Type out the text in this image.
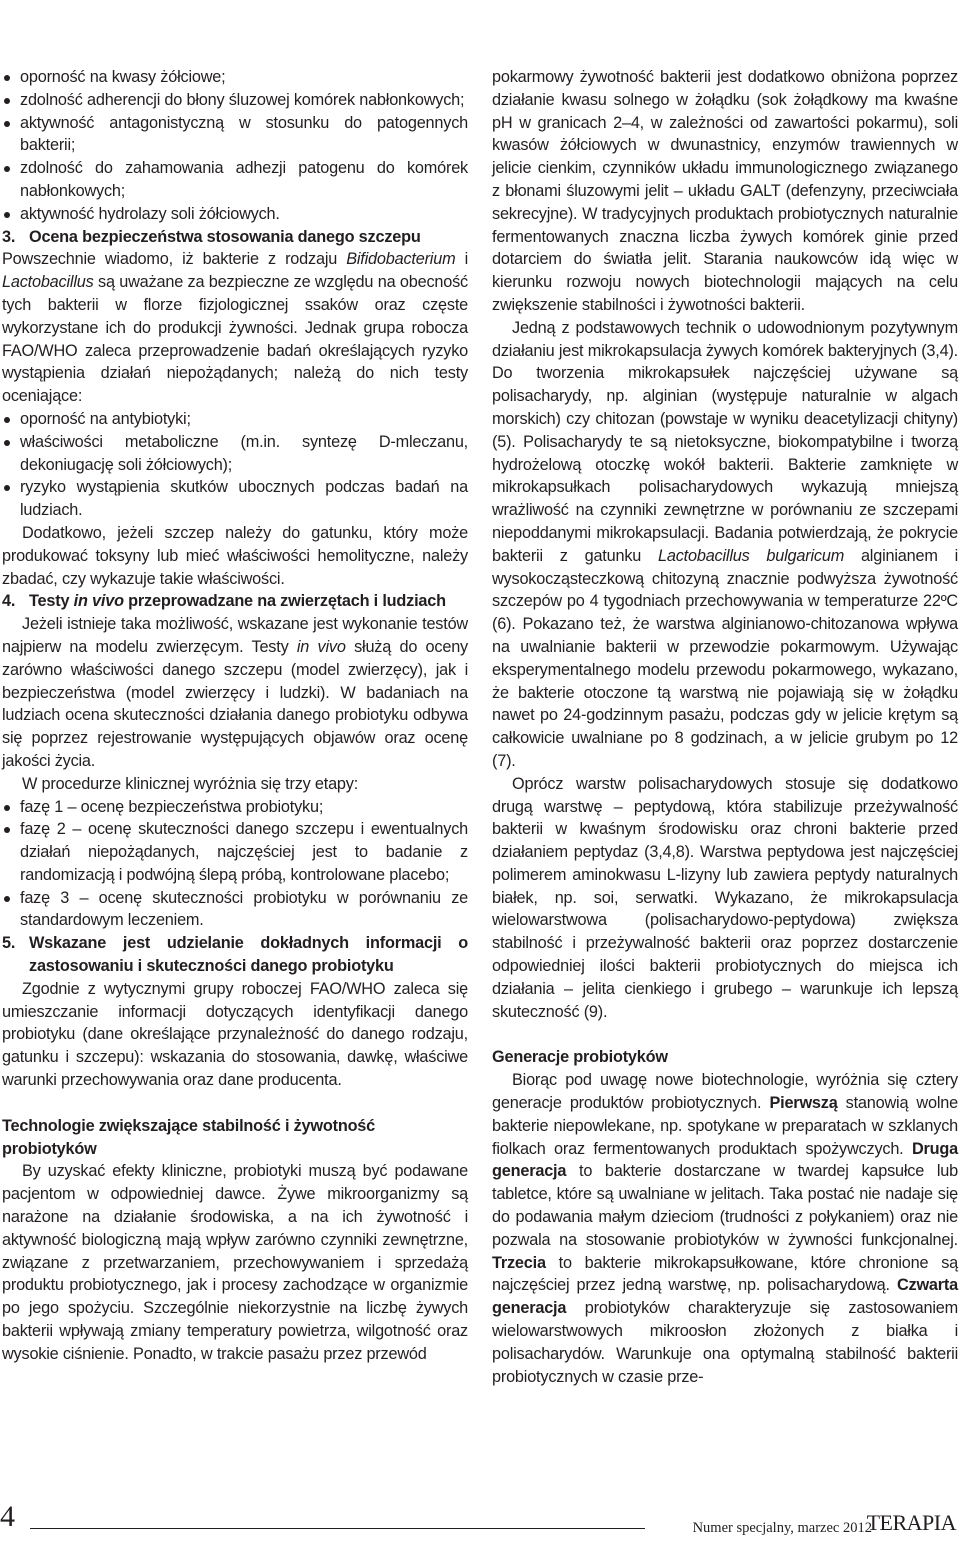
oporność na kwasy żółciowe;

zdolność adherencji do błony śluzowej komórek nabłonkowych;

aktywność antagonistyczną w stosunku do patogennych bakterii;

zdolność do zahamowania adhezji patogenu do komórek nabłonkowych;

aktywność hydrolazy soli żółciowych.

3. Ocena bezpieczeństwa stosowania danego szczepu

Powszechnie wiadomo, iż bakterie z rodzaju Bifidobacterium i Lactobacillus są uważane za bezpieczne ze względu na obecność tych bakterii w florze fizjologicznej ssaków oraz częste wykorzystane ich do produkcji żywności. Jednak grupa robocza FAO/WHO zaleca przeprowadzenie badań określających ryzyko wystąpienia działań niepożądanych; należą do nich testy oceniające:

oporność na antybiotyki;

właściwości metaboliczne (m.in. syntezę D-mleczanu, dekoniugację soli żółciowych);

ryzyko wystąpienia skutków ubocznych podczas badań na ludziach.

Dodatkowo, jeżeli szczep należy do gatunku, który może produkować toksyny lub mieć właściwości hemolityczne, należy zbadać, czy wykazuje takie właściwości.

4. Testy in vivo przeprowadzane na zwierzętach i ludziach

Jeżeli istnieje taka możliwość, wskazane jest wykonanie testów najpierw na modelu zwierzęcym. Testy in vivo służą do oceny zarówno właściwości danego szczepu (model zwierzęcy), jak i bezpieczeństwa (model zwierzęcy i ludzki). W badaniach na ludziach ocena skuteczności działania danego probiotyku odbywa się poprzez rejestrowanie występujących objawów oraz ocenę jakości życia.

W procedurze klinicznej wyróżnia się trzy etapy:

fazę 1 – ocenę bezpieczeństwa probiotyku;

fazę 2 – ocenę skuteczności danego szczepu i ewentualnych działań niepożądanych, najczęściej jest to badanie z randomizacją i podwójną ślepą próbą, kontrolowane placebo;

fazę 3 – ocenę skuteczności probiotyku w porównaniu ze standardowym leczeniem.

5. Wskazane jest udzielanie dokładnych informacji o zastosowaniu i skuteczności danego probiotyku

Zgodnie z wytycznymi grupy roboczej FAO/WHO zaleca się umieszczanie informacji dotyczących identyfikacji danego probiotyku (dane określające przynależność do danego rodzaju, gatunku i szczepu): wskazania do stosowania, dawkę, właściwe warunki przechowywania oraz dane producenta.

Technologie zwiększające stabilność i żywotność probiotyków

By uzyskać efekty kliniczne, probiotyki muszą być podawane pacjentom w odpowiedniej dawce. Żywe mikroorganizmy są narażone na działanie środowiska, a na ich żywotność i aktywność biologiczną mają wpływ zarówno czynniki zewnętrzne, związane z przetwarzaniem, przechowywaniem i sprzedażą produktu probiotycznego, jak i procesy zachodzące w organizmie po jego spożyciu. Szczególnie niekorzystnie na liczbę żywych bakterii wpływają zmiany temperatury powietrza, wilgotność oraz wysokie ciśnienie. Ponadto, w trakcie pasażu przez przewód

pokarmowy żywotność bakterii jest dodatkowo obniżona poprzez działanie kwasu solnego w żołądku (sok żołądkowy ma kwaśne pH w granicach 2–4, w zależności od zawartości pokarmu), soli kwasów żółciowych w dwunastnicy, enzymów trawiennych w jelicie cienkim, czynników układu immunologicznego związanego z błonami śluzowymi jelit – układu GALT (defenzyny, przeciwciała sekrecyjne). W tradycyjnych produktach probiotycznych naturalnie fermentowanych znaczna liczba żywych komórek ginie przed dotarciem do światła jelit. Starania naukowców idą więc w kierunku rozwoju nowych biotechnologii mających na celu zwiększenie stabilności i żywotności bakterii.

Jedną z podstawowych technik o udowodnionym pozytywnym działaniu jest mikrokapsulacja żywych komórek bakteryjnych (3,4). Do tworzenia mikrokapsułek najczęściej używane są polisacharydy, np. alginian (występuje naturalnie w algach morskich) czy chitozan (powstaje w wyniku deacetylizacji chityny) (5). Polisacharydy te są nietoksyczne, biokompatybilne i tworzą hydrożelową otoczkę wokół bakterii. Bakterie zamknięte w mikrokapsułkach polisacharydowych wykazują mniejszą wrażliwość na czynniki zewnętrzne w porównaniu ze szczepami niepoddanymi mikrokapsulacji. Badania potwierdzają, że pokrycie bakterii z gatunku Lactobacillus bulgaricum alginianem i wysokocząsteczkową chitozyną znacznie podwyższa żywotność szczepów po 4 tygodniach przechowywania w temperaturze 22ºC (6). Pokazano też, że warstwa alginianowo-chitozanowa wpływa na uwalnianie bakterii w przewodzie pokarmowym. Używając eksperymentalnego modelu przewodu pokarmowego, wykazano, że bakterie otoczone tą warstwą nie pojawiają się w żołądku nawet po 24-godzinnym pasażu, podczas gdy w jelicie krętym są całkowicie uwalniane po 8 godzinach, a w jelicie grubym po 12 (7).

Oprócz warstw polisacharydowych stosuje się dodatkowo drugą warstwę – peptydową, która stabilizuje przeżywalność bakterii w kwaśnym środowisku oraz chroni bakterie przed działaniem peptydaz (3,4,8). Warstwa peptydowa jest najczęściej polimerem aminokwasu L-lizyny lub zawiera peptydy naturalnych białek, np. soi, serwatki. Wykazano, że mikrokapsulacja wielowarstwowa (polisacharydowo-peptydowa) zwiększa stabilność i przeżywalność bakterii oraz poprzez dostarczenie odpowiedniej ilości bakterii probiotycznych do miejsca ich działania – jelita cienkiego i grubego – warunkuje ich lepszą skuteczność (9).

Generacje probiotyków

Biorąc pod uwagę nowe biotechnologie, wyróżnia się cztery generacje produktów probiotycznych. Pierwszą stanowią wolne bakterie niepowlekane, np. spotykane w preparatach w szklanych fiolkach oraz fermentowanych produktach spożywczych. Druga generacja to bakterie dostarczane w twardej kapsułce lub tabletce, które są uwalniane w jelitach. Taka postać nie nadaje się do podawania małym dzieciom (trudności z połykaniem) oraz nie pozwala na stosowanie probiotyków w żywności funkcjonalnej. Trzecia to bakterie mikrokapsułkowane, które chronione są najczęściej przez jedną warstwę, np. polisacharydową. Czwarta generacja probiotyków charakteryzuje się zastosowaniem wielowarstwowych mikroosłon złożonych z białka i polisacharydów. Warunkuje ona optymalną stabilność bakterii probiotycznych w czasie prze-

4	Numer specjalny, marzec 2012
TERAPIA
